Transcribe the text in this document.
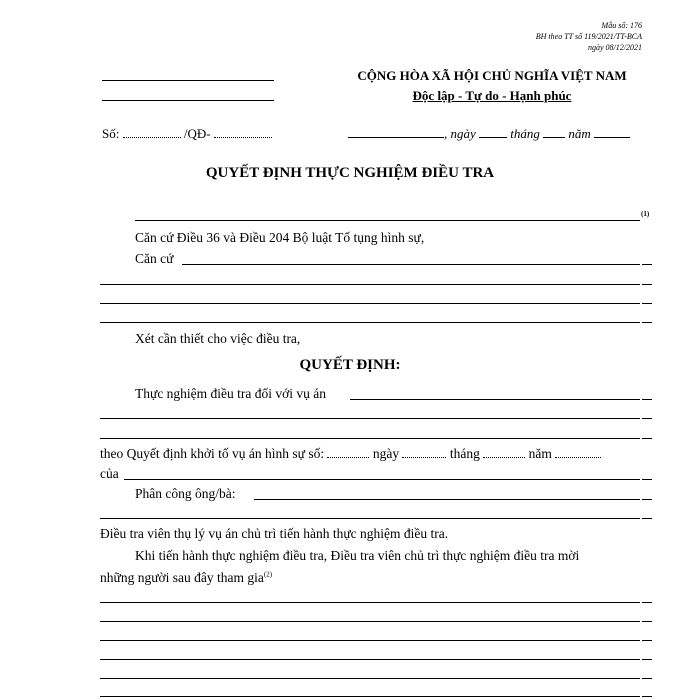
Mẫu số: 176
BH theo TT số 119/2021/TT-BCA
ngày 08/12/2021
CỘNG HÒA XÃ HỘI CHỦ NGHĨA VIỆT NAM
Độc lập - Tự do - Hạnh phúc
Số:	/QĐ-	, ngày	tháng năm
QUYẾT ĐỊNH THỰC NGHIỆM ĐIỀU TRA
(1)
Căn cứ Điều 36 và Điều 204 Bộ luật Tố tụng hình sự,
Căn cứ
Xét cần thiết cho việc điều tra,
QUYẾT ĐỊNH:
Thực nghiệm điều tra đối với vụ án
theo Quyết định khởi tố vụ án hình sự số:	ngày	tháng	năm
của
Phân công ông/bà:
Điều tra viên thụ lý vụ án chủ trì tiến hành thực nghiệm điều tra.
Khi tiến hành thực nghiệm điều tra, Điều tra viên chủ trì thực nghiệm điều tra mời
những người sau đây tham gia$^{(2)}$
